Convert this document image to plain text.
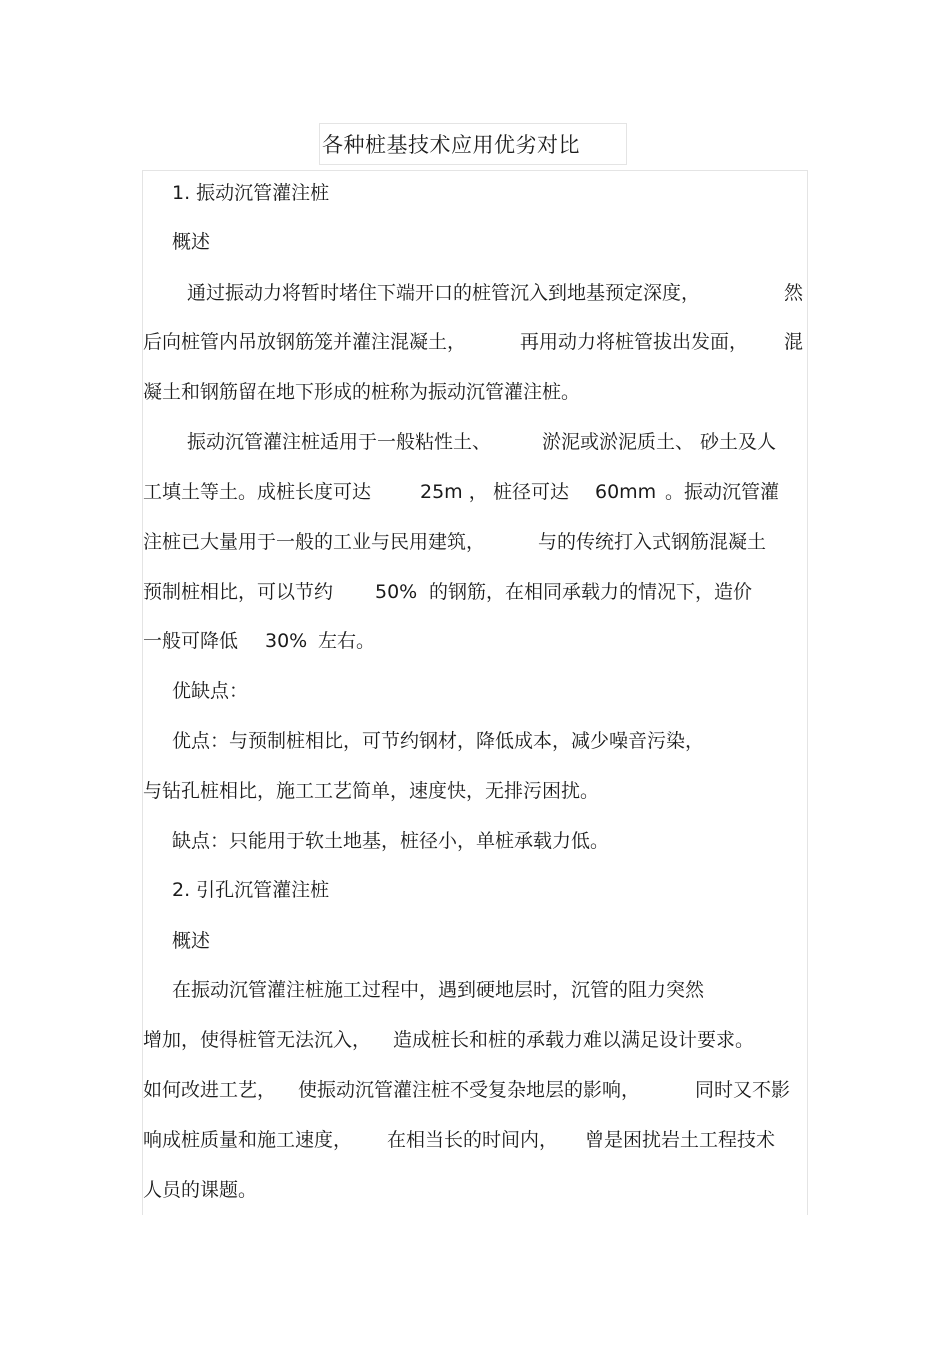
各种桩基技术应用优劣对比
1. 振动沉管灌注桩
概述
通过振动力将暂时堵住下端开口的桩管沉入到地基预定深度，	然
后向桩管内吊放钢筋笼并灌注混凝土，	再用动力将桩管拔出发面， 混
凝土和钢筋留在地下形成的桩称为振动沉管灌注桩。
振动沉管灌注桩适用于一般粘性土、	淤泥或淤泥质土、 砂土及人
工填土等土。成桩长度可达	25m ， 桩径可达 60mm 。振动沉管灌
注桩已大量用于一般的工业与民用建筑，	与的传统打入式钢筋混凝土
预制桩相比，可以节约 50% 的钢筋，在相同承载力的情况下，造价
一般可降低 30% 左右。
优缺点：
优点：与预制桩相比，可节约钢材，降低成本，减少噪音污染，
与钻孔桩相比，施工工艺简单，速度快，无排污困扰。
缺点：只能用于软土地基，桩径小，单桩承载力低。
2. 引孔沉管灌注桩
概述
在振动沉管灌注桩施工过程中，遇到硬地层时，沉管的阻力突然
增加，使得桩管无法沉入， 造成桩长和桩的承载力难以满足设计要求。
如何改进工艺， 使振动沉管灌注桩不受复杂地层的影响，	同时又不影
响成桩质量和施工速度， 在相当长的时间内， 曾是困扰岩土工程技术
人员的课题。
